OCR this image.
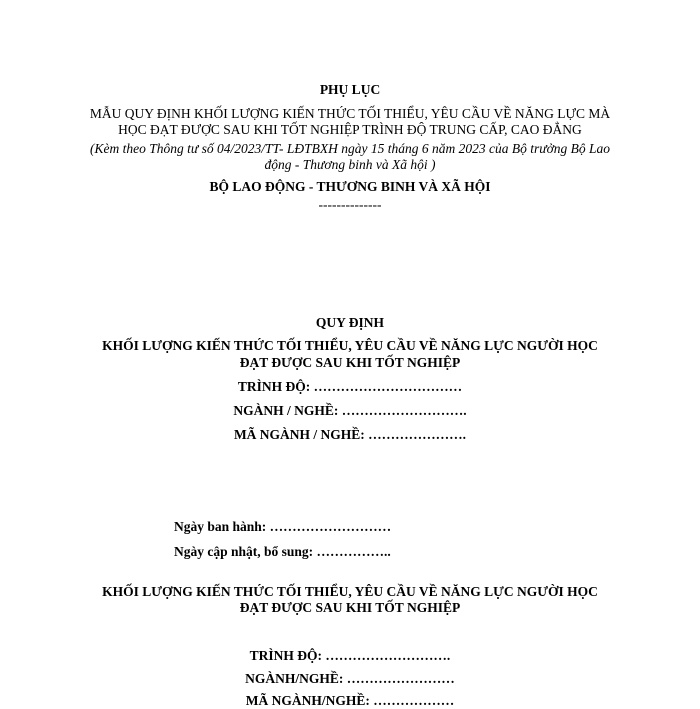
PHỤ LỤC
MẪU QUY ĐỊNH KHỐI LƯỢNG KIẾN THỨC TỐI THIỂU, YÊU CẦU VỀ NĂNG LỰC MÀ
HỌC ĐẠT ĐƯỢC SAU KHI TỐT NGHIỆP TRÌNH ĐỘ TRUNG CẤP, CAO ĐẲNG
(Kèm theo Thông tư số 04/2023/TT- LĐTBXH ngày 15 tháng 6 năm 2023 của Bộ trưởng Bộ Lao
động - Thương binh và Xã hội )
BỘ LAO ĐỘNG - THƯƠNG BINH VÀ XÃ HỘI
--------------
QUY ĐỊNH
KHỐI LƯỢNG KIẾN THỨC TỐI THIỂU, YÊU CẦU VỀ NĂNG LỰC NGƯỜI HỌC
ĐẠT ĐƯỢC SAU KHI TỐT NGHIỆP
TRÌNH ĐỘ: ……………………………
NGÀNH / NGHỀ: ……………………….
MÃ NGÀNH / NGHỀ: ………………….
Ngày ban hành: ………………………
Ngày cập nhật, bổ sung: ……………..
KHỐI LƯỢNG KIẾN THỨC TỐI THIỂU, YÊU CẦU VỀ NĂNG LỰC NGƯỜI HỌC
ĐẠT ĐƯỢC SAU KHI TỐT NGHIỆP
TRÌNH ĐỘ: ……………………….
NGÀNH/NGHỀ: ……………………
MÃ NGÀNH/NGHỀ: ………………
